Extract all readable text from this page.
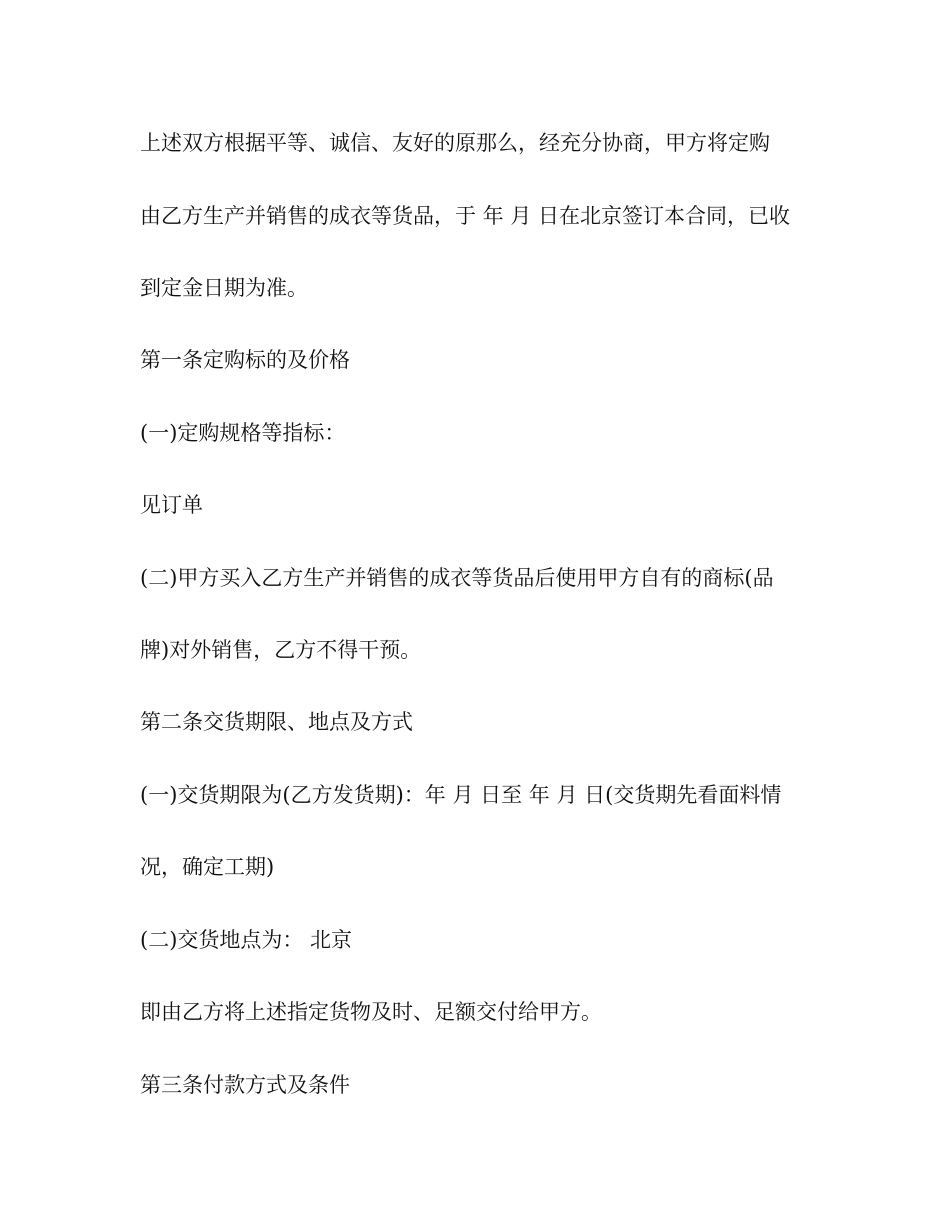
上述双方根据平等、诚信、友好的原那么，经充分协商，甲方将定购

由乙方生产并销售的成衣等货品，于 年 月 日在北京签订本合同，已收

到定金日期为准。

第一条定购标的及价格

(一)定购规格等指标：

见订单

(二)甲方买入乙方生产并销售的成衣等货品后使用甲方自有的商标(品

牌)对外销售，乙方不得干预。

第二条交货期限、地点及方式

(一)交货期限为(乙方发货期)：年 月 日至 年 月 日(交货期先看面料情

况，确定工期)

(二)交货地点为： 北京

即由乙方将上述指定货物及时、足额交付给甲方。

第三条付款方式及条件
